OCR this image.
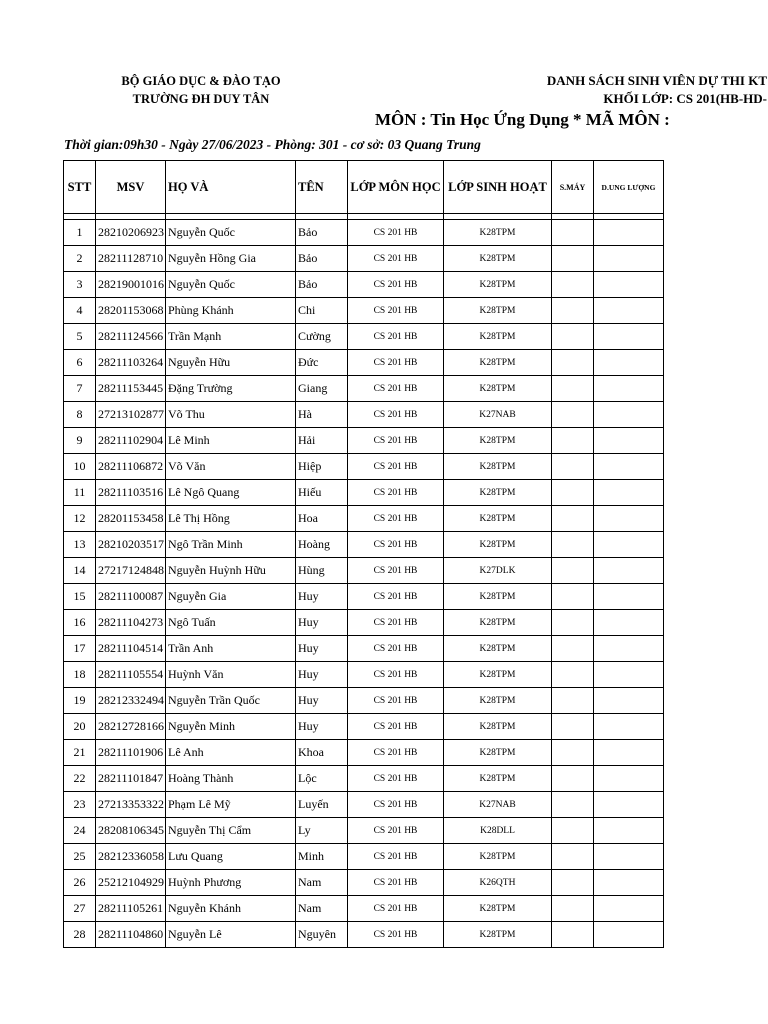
BỘ GIÁO DỤC & ĐÀO TẠO
TRƯỜNG ĐH DUY TÂN
DANH SÁCH SINH VIÊN DỰ THI KT
KHỐI LỚP: CS 201(HB-HD-
MÔN : Tin Học Ứng Dụng * MÃ MÔN :
Thời gian:09h30 - Ngày 27/06/2023 - Phòng: 301 - cơ sở: 03 Quang Trung
STT	MSV	HỌ VÀ	TÊN	LỚP MÔN HỌC	LỚP SINH HOẠT	S.MÁY	D.UNG LƯỢNG

1	28210206923	Nguyễn Quốc	Bảo	CS 201 HB	K28TPM		
2	28211128710	Nguyễn Hồng Gia	Bảo	CS 201 HB	K28TPM		
3	28219001016	Nguyễn Quốc	Bảo	CS 201 HB	K28TPM		
4	28201153068	Phùng Khánh	Chi	CS 201 HB	K28TPM		
5	28211124566	Trần Mạnh	Cường	CS 201 HB	K28TPM		
6	28211103264	Nguyễn Hữu	Đức	CS 201 HB	K28TPM		
7	28211153445	Đặng Trường	Giang	CS 201 HB	K28TPM		
8	27213102877	Võ Thu	Hà	CS 201 HB	K27NAB		
9	28211102904	Lê Minh	Hải	CS 201 HB	K28TPM		
10	28211106872	Võ Văn	Hiệp	CS 201 HB	K28TPM		
11	28211103516	Lê Ngô Quang	Hiếu	CS 201 HB	K28TPM		
12	28201153458	Lê Thị Hồng	Hoa	CS 201 HB	K28TPM		
13	28210203517	Ngô Trần Minh	Hoàng	CS 201 HB	K28TPM		
14	27217124848	Nguyễn Huỳnh Hữu	Hùng	CS 201 HB	K27DLK		
15	28211100087	Nguyễn Gia	Huy	CS 201 HB	K28TPM		
16	28211104273	Ngô Tuấn	Huy	CS 201 HB	K28TPM		
17	28211104514	Trần Anh	Huy	CS 201 HB	K28TPM		
18	28211105554	Huỳnh Văn	Huy	CS 201 HB	K28TPM		
19	28212332494	Nguyễn Trần Quốc	Huy	CS 201 HB	K28TPM		
20	28212728166	Nguyễn Minh	Huy	CS 201 HB	K28TPM		
21	28211101906	Lê Anh	Khoa	CS 201 HB	K28TPM		
22	28211101847	Hoàng Thành	Lộc	CS 201 HB	K28TPM		
23	27213353322	Phạm Lê Mỹ	Luyến	CS 201 HB	K27NAB		
24	28208106345	Nguyễn Thị Cẩm	Ly	CS 201 HB	K28DLL		
25	28212336058	Lưu Quang	Minh	CS 201 HB	K28TPM		
26	25212104929	Huỳnh Phương	Nam	CS 201 HB	K26QTH		
27	28211105261	Nguyễn Khánh	Nam	CS 201 HB	K28TPM		
28	28211104860	Nguyễn Lê	Nguyên	CS 201 HB	K28TPM		
